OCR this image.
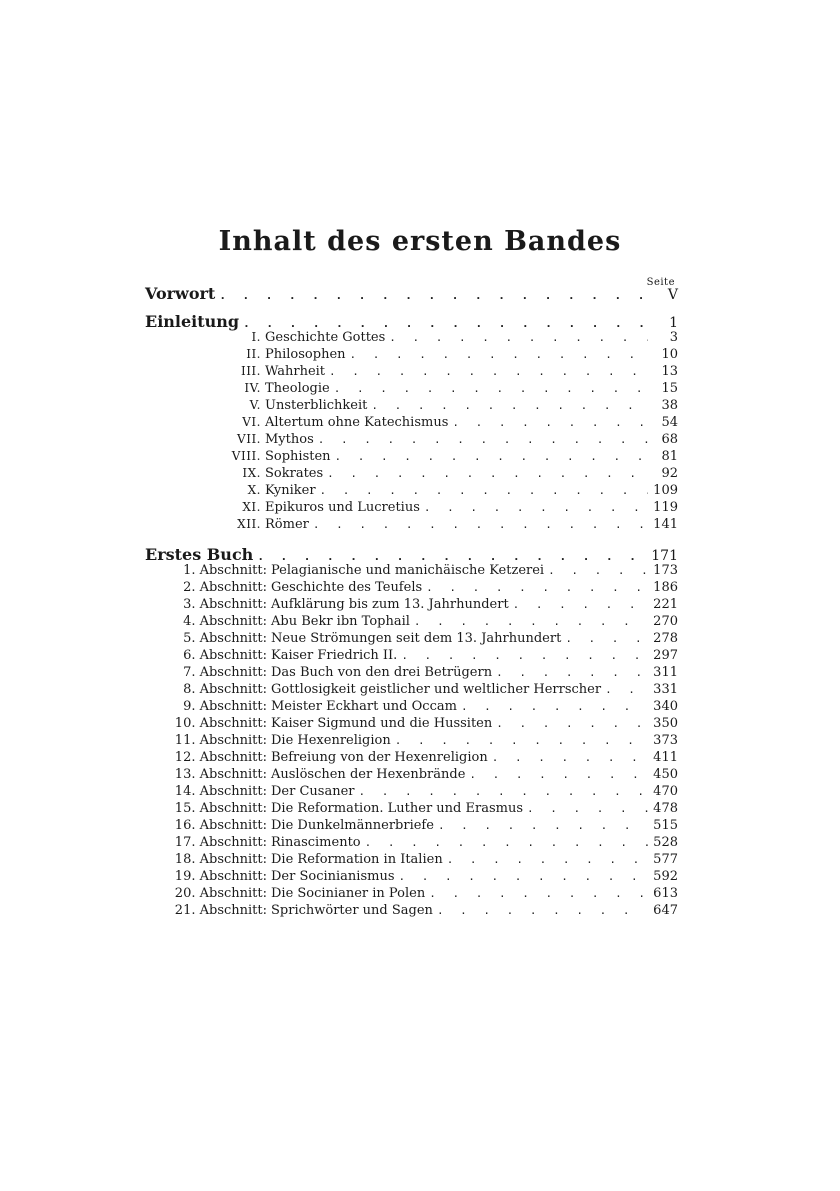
Inhalt des ersten Bandes
Seite
Vorwort . . .	V
Einleitung . . .	1
I. Geschichte Gottes . . .	3
II. Philosophen . . .	10
III. Wahrheit . . .	13
IV. Theologie . . .	15
V. Unsterblichkeit . . .	38
VI. Altertum ohne Katechismus . . .	54
VII. Mythos . . .	68
VIII. Sophisten . . .	81
IX. Sokrates . . .	92
X. Kyniker . . .	109
XI. Epikuros und Lucretius . . .	119
XII. Römer . . .	141
Erstes Buch . . .	171
1. Abschnitt: Pelagianische und manichäische Ketzerei . . .	173
2. Abschnitt: Geschichte des Teufels . . .	186
3. Abschnitt: Aufklärung bis zum 13. Jahrhundert . . .	221
4. Abschnitt: Abu Bekr ibn Tophail . . .	270
5. Abschnitt: Neue Strömungen seit dem 13. Jahrhundert . . .	278
6. Abschnitt: Kaiser Friedrich II. . . .	297
7. Abschnitt: Das Buch von den drei Betrügern . . .	311
8. Abschnitt: Gottlosigkeit geistlicher und weltlicher Herrscher . . .	331
9. Abschnitt: Meister Eckhart und Occam . . .	340
10. Abschnitt: Kaiser Sigmund und die Hussiten . . .	350
11. Abschnitt: Die Hexenreligion . . .	373
12. Abschnitt: Befreiung von der Hexenreligion . . .	411
13. Abschnitt: Auslöschen der Hexenbrände . . .	450
14. Abschnitt: Der Cusaner . . .	470
15. Abschnitt: Die Reformation. Luther und Erasmus . . .	478
16. Abschnitt: Die Dunkelmännerbriefe . . .	515
17. Abschnitt: Rinascimento . . .	528
18. Abschnitt: Die Reformation in Italien . . .	577
19. Abschnitt: Der Socinianismus . . .	592
20. Abschnitt: Die Socinianer in Polen . . .	613
21. Abschnitt: Sprichwörter und Sagen . . .	647
